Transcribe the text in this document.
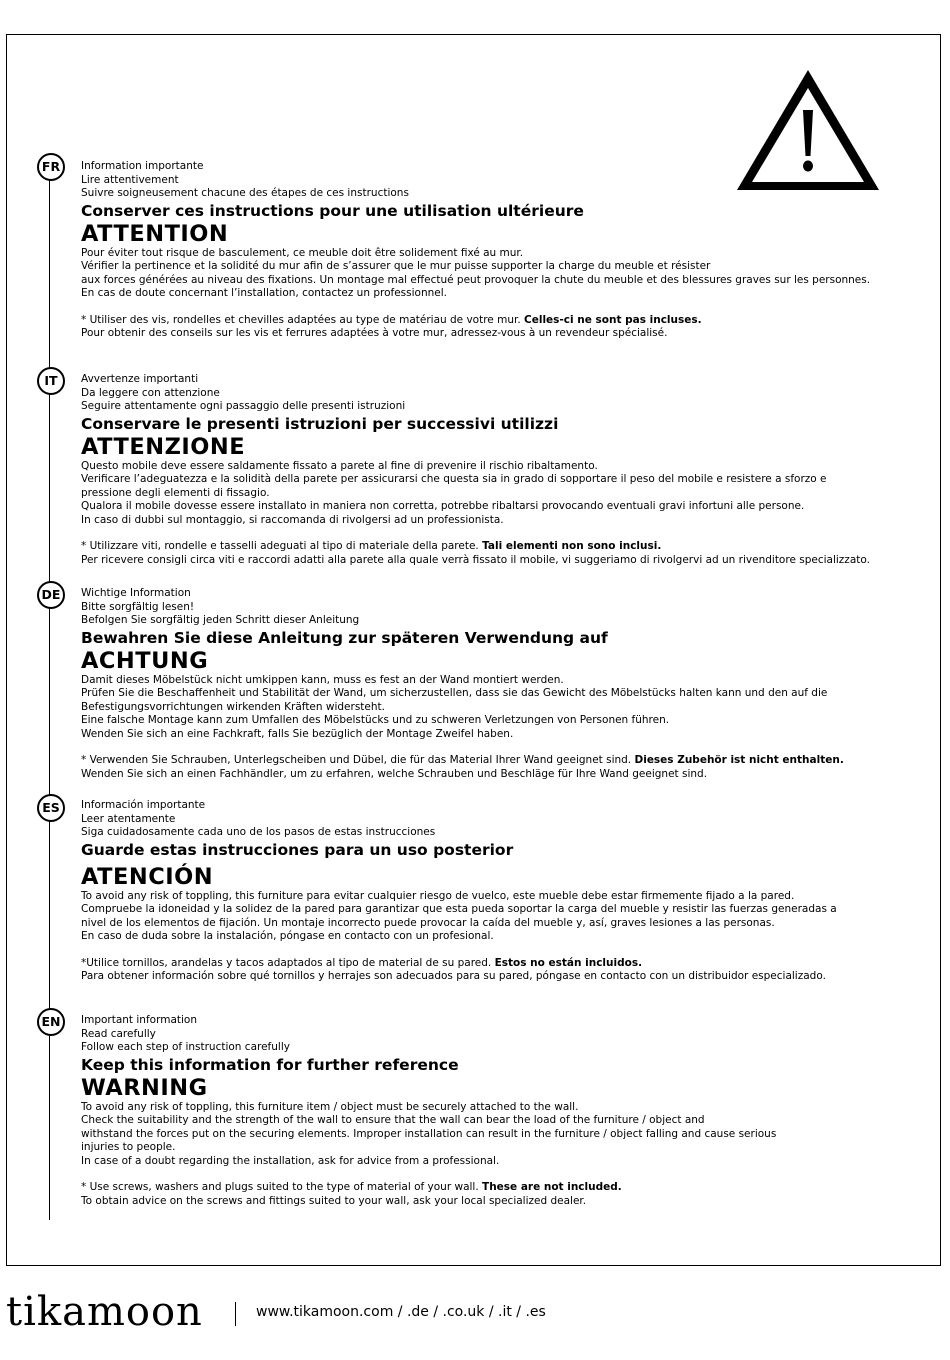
FR	Information importante
Lire attentivement
Suivre soigneusement chacune des étapes de ces instructions
Conserver ces instructions pour une utilisation ultérieure
ATTENTION
Pour éviter tout risque de basculement, ce meuble doit être solidement fixé au mur.
Vérifier la pertinence et la solidité du mur afin de s’assurer que le mur puisse supporter la charge du meuble et résister
aux forces générées au niveau des fixations. Un montage mal effectué peut provoquer la chute du meuble et des blessures graves sur les personnes.
En cas de doute concernant l’installation, contactez un professionnel.
* Utiliser des vis, rondelles et chevilles adaptées au type de matériau de votre mur. Celles-ci ne sont pas incluses.
Pour obtenir des conseils sur les vis et ferrures adaptées à votre mur, adressez-vous à un revendeur spécialisé.
IT	Avvertenze importanti
Da leggere con attenzione
Seguire attentamente ogni passaggio delle presenti istruzioni
Conservare le presenti istruzioni per successivi utilizzi
ATTENZIONE
Questo mobile deve essere saldamente fissato a parete al fine di prevenire il rischio ribaltamento.
Verificare l’adeguatezza e la solidità della parete per assicurarsi che questa sia in grado di sopportare il peso del mobile e resistere a sforzo e
pressione degli elementi di fissagio.
Qualora il mobile dovesse essere installato in maniera non corretta, potrebbe ribaltarsi provocando eventuali gravi infortuni alle persone.
In caso di dubbi sul montaggio, si raccomanda di rivolgersi ad un professionista.
* Utilizzare viti, rondelle e tasselli adeguati al tipo di materiale della parete. Tali elementi non sono inclusi.
Per ricevere consigli circa viti e raccordi adatti alla parete alla quale verrà fissato il mobile, vi suggeriamo di rivolgervi ad un rivenditore specializzato.
DE	Wichtige Information
Bitte sorgfältig lesen!
Befolgen Sie sorgfältig jeden Schritt dieser Anleitung
Bewahren Sie diese Anleitung zur späteren Verwendung auf
ACHTUNG
Damit dieses Möbelstück nicht umkippen kann, muss es fest an der Wand montiert werden.
Prüfen Sie die Beschaffenheit und Stabilität der Wand, um sicherzustellen, dass sie das Gewicht des Möbelstücks halten kann und den auf die
Befestigungsvorrichtungen wirkenden Kräften widersteht.
Eine falsche Montage kann zum Umfallen des Möbelstücks und zu schweren Verletzungen von Personen führen.
Wenden Sie sich an eine Fachkraft, falls Sie bezüglich der Montage Zweifel haben.
* Verwenden Sie Schrauben, Unterlegscheiben und Dübel, die für das Material Ihrer Wand geeignet sind. Dieses Zubehör ist nicht enthalten.
Wenden Sie sich an einen Fachhändler, um zu erfahren, welche Schrauben und Beschläge für Ihre Wand geeignet sind.
ES	Información importante
Leer atentamente
Siga cuidadosamente cada uno de los pasos de estas instrucciones
Guarde estas instrucciones para un uso posterior
ATENCIÓN
To avoid any risk of toppling, this furniture para evitar cualquier riesgo de vuelco, este mueble debe estar firmemente fijado a la pared.
Compruebe la idoneidad y la solidez de la pared para garantizar que esta pueda soportar la carga del mueble y resistir las fuerzas generadas a
nivel de los elementos de fijación. Un montaje incorrecto puede provocar la caída del mueble y, así, graves lesiones a las personas.
En caso de duda sobre la instalación, póngase en contacto con un profesional.
*Utilice tornillos, arandelas y tacos adaptados al tipo de material de su pared. Estos no están incluidos.
Para obtener información sobre qué tornillos y herrajes son adecuados para su pared, póngase en contacto con un distribuidor especializado.
EN	Important information
Read carefully
Follow each step of instruction carefully
Keep this information for further reference
WARNING
To avoid any risk of toppling, this furniture item / object must be securely attached to the wall.
Check the suitability and the strength of the wall to ensure that the wall can bear the load of the furniture / object and
withstand the forces put on the securing elements. Improper installation can result in the furniture / object falling and cause serious
injuries to people.
In case of a doubt regarding the installation, ask for advice from a professional.
* Use screws, washers and plugs suited to the type of material of your wall. These are not included.
To obtain advice on the screws and fittings suited to your wall, ask your local specialized dealer.
tikamoon	www.tikamoon.com / .de / .co.uk / .it / .es
